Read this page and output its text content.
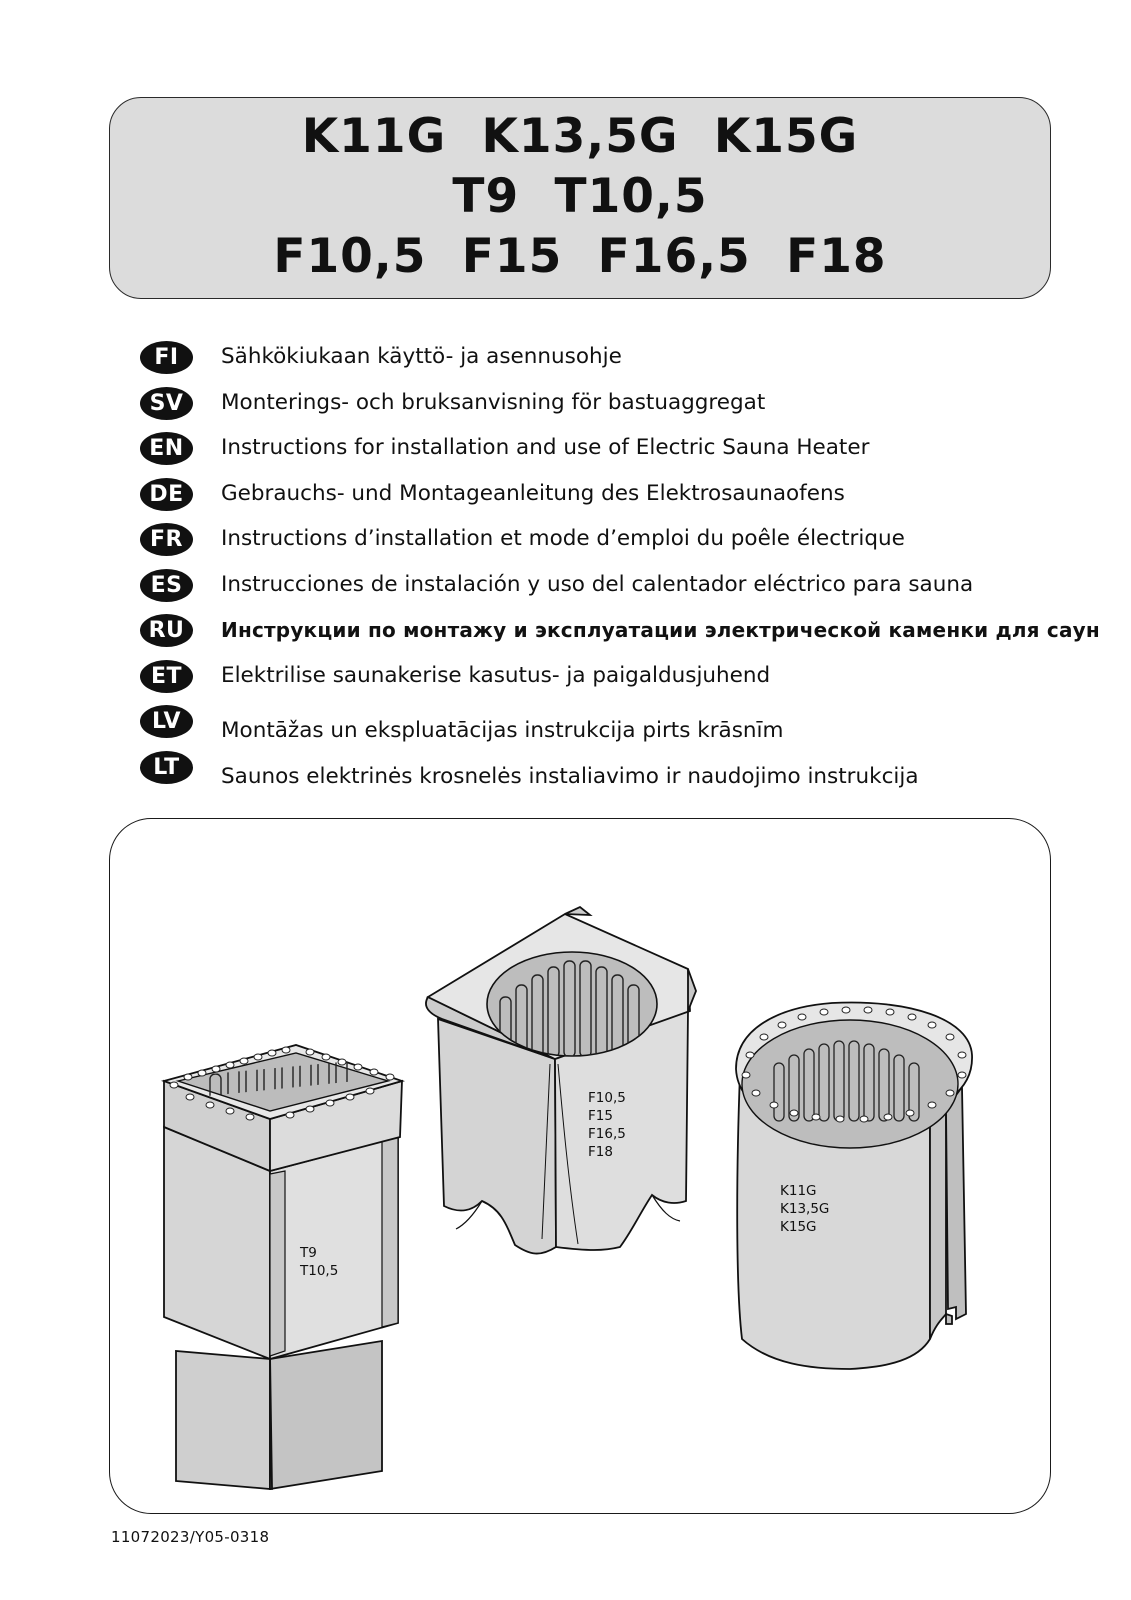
K11G K13,5G K15G
T9 T10,5
F10,5 F15 F16,5 F18
FI	Sähkökiukaan käyttö- ja asennusohje
SV	Monterings- och bruksanvisning för bastuaggregat
EN	Instructions for installation and use of Electric Sauna Heater
DE	Gebrauchs- und Montageanleitung des Elektrosaunaofens
FR	Instructions d’installation et mode d’emploi du poêle électrique
ES	Instrucciones de instalación y uso del calentador eléctrico para sauna
RU	Инструкции по монтажу и эксплуатации электрической каменки для саун
ET	Elektrilise saunakerise kasutus- ja paigaldusjuhend
LV	Montāžas un ekspluatācijas instrukcija pirts krāsnīm
LT	Saunos elektrinės krosnelės instaliavimo ir naudojimo instrukcija
T9
T10,5
F10,5
F15
F16,5
F18
K11G
K13,5G
K15G
11072023/Y05-0318
